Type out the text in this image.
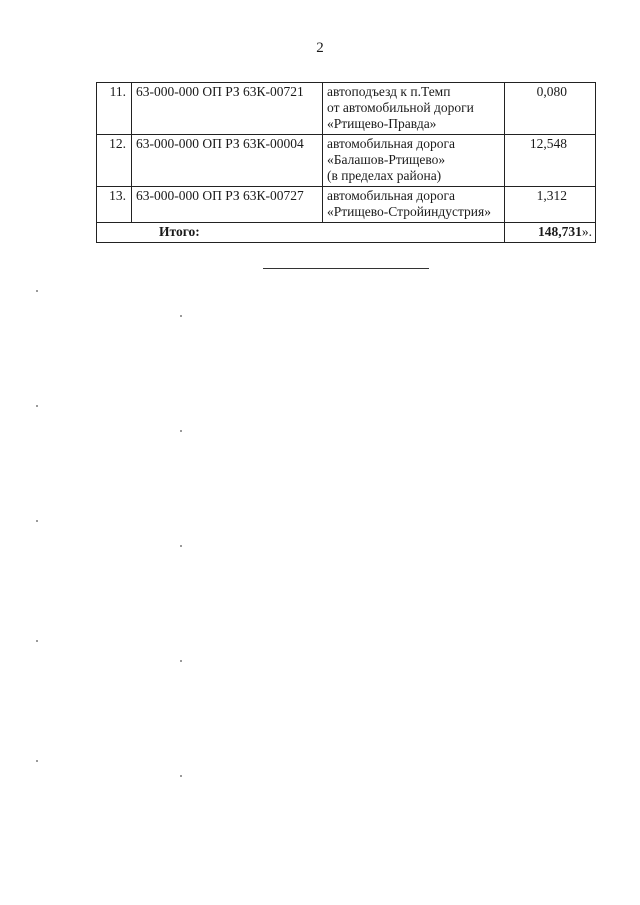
2
11.	63-000-000 ОП РЗ 63К-00721	автоподъезд к п.Темп
от автомобильной дороги
«Ртищево-Правда»	0,080
12.	63-000-000 ОП РЗ 63К-00004	автомобильная дорога
«Балашов-Ртищево»
(в пределах района)	12,548
13.	63-000-000 ОП РЗ 63К-00727	автомобильная дорога
«Ртищево-Стройиндустрия»	1,312
Итого:			148,731».
